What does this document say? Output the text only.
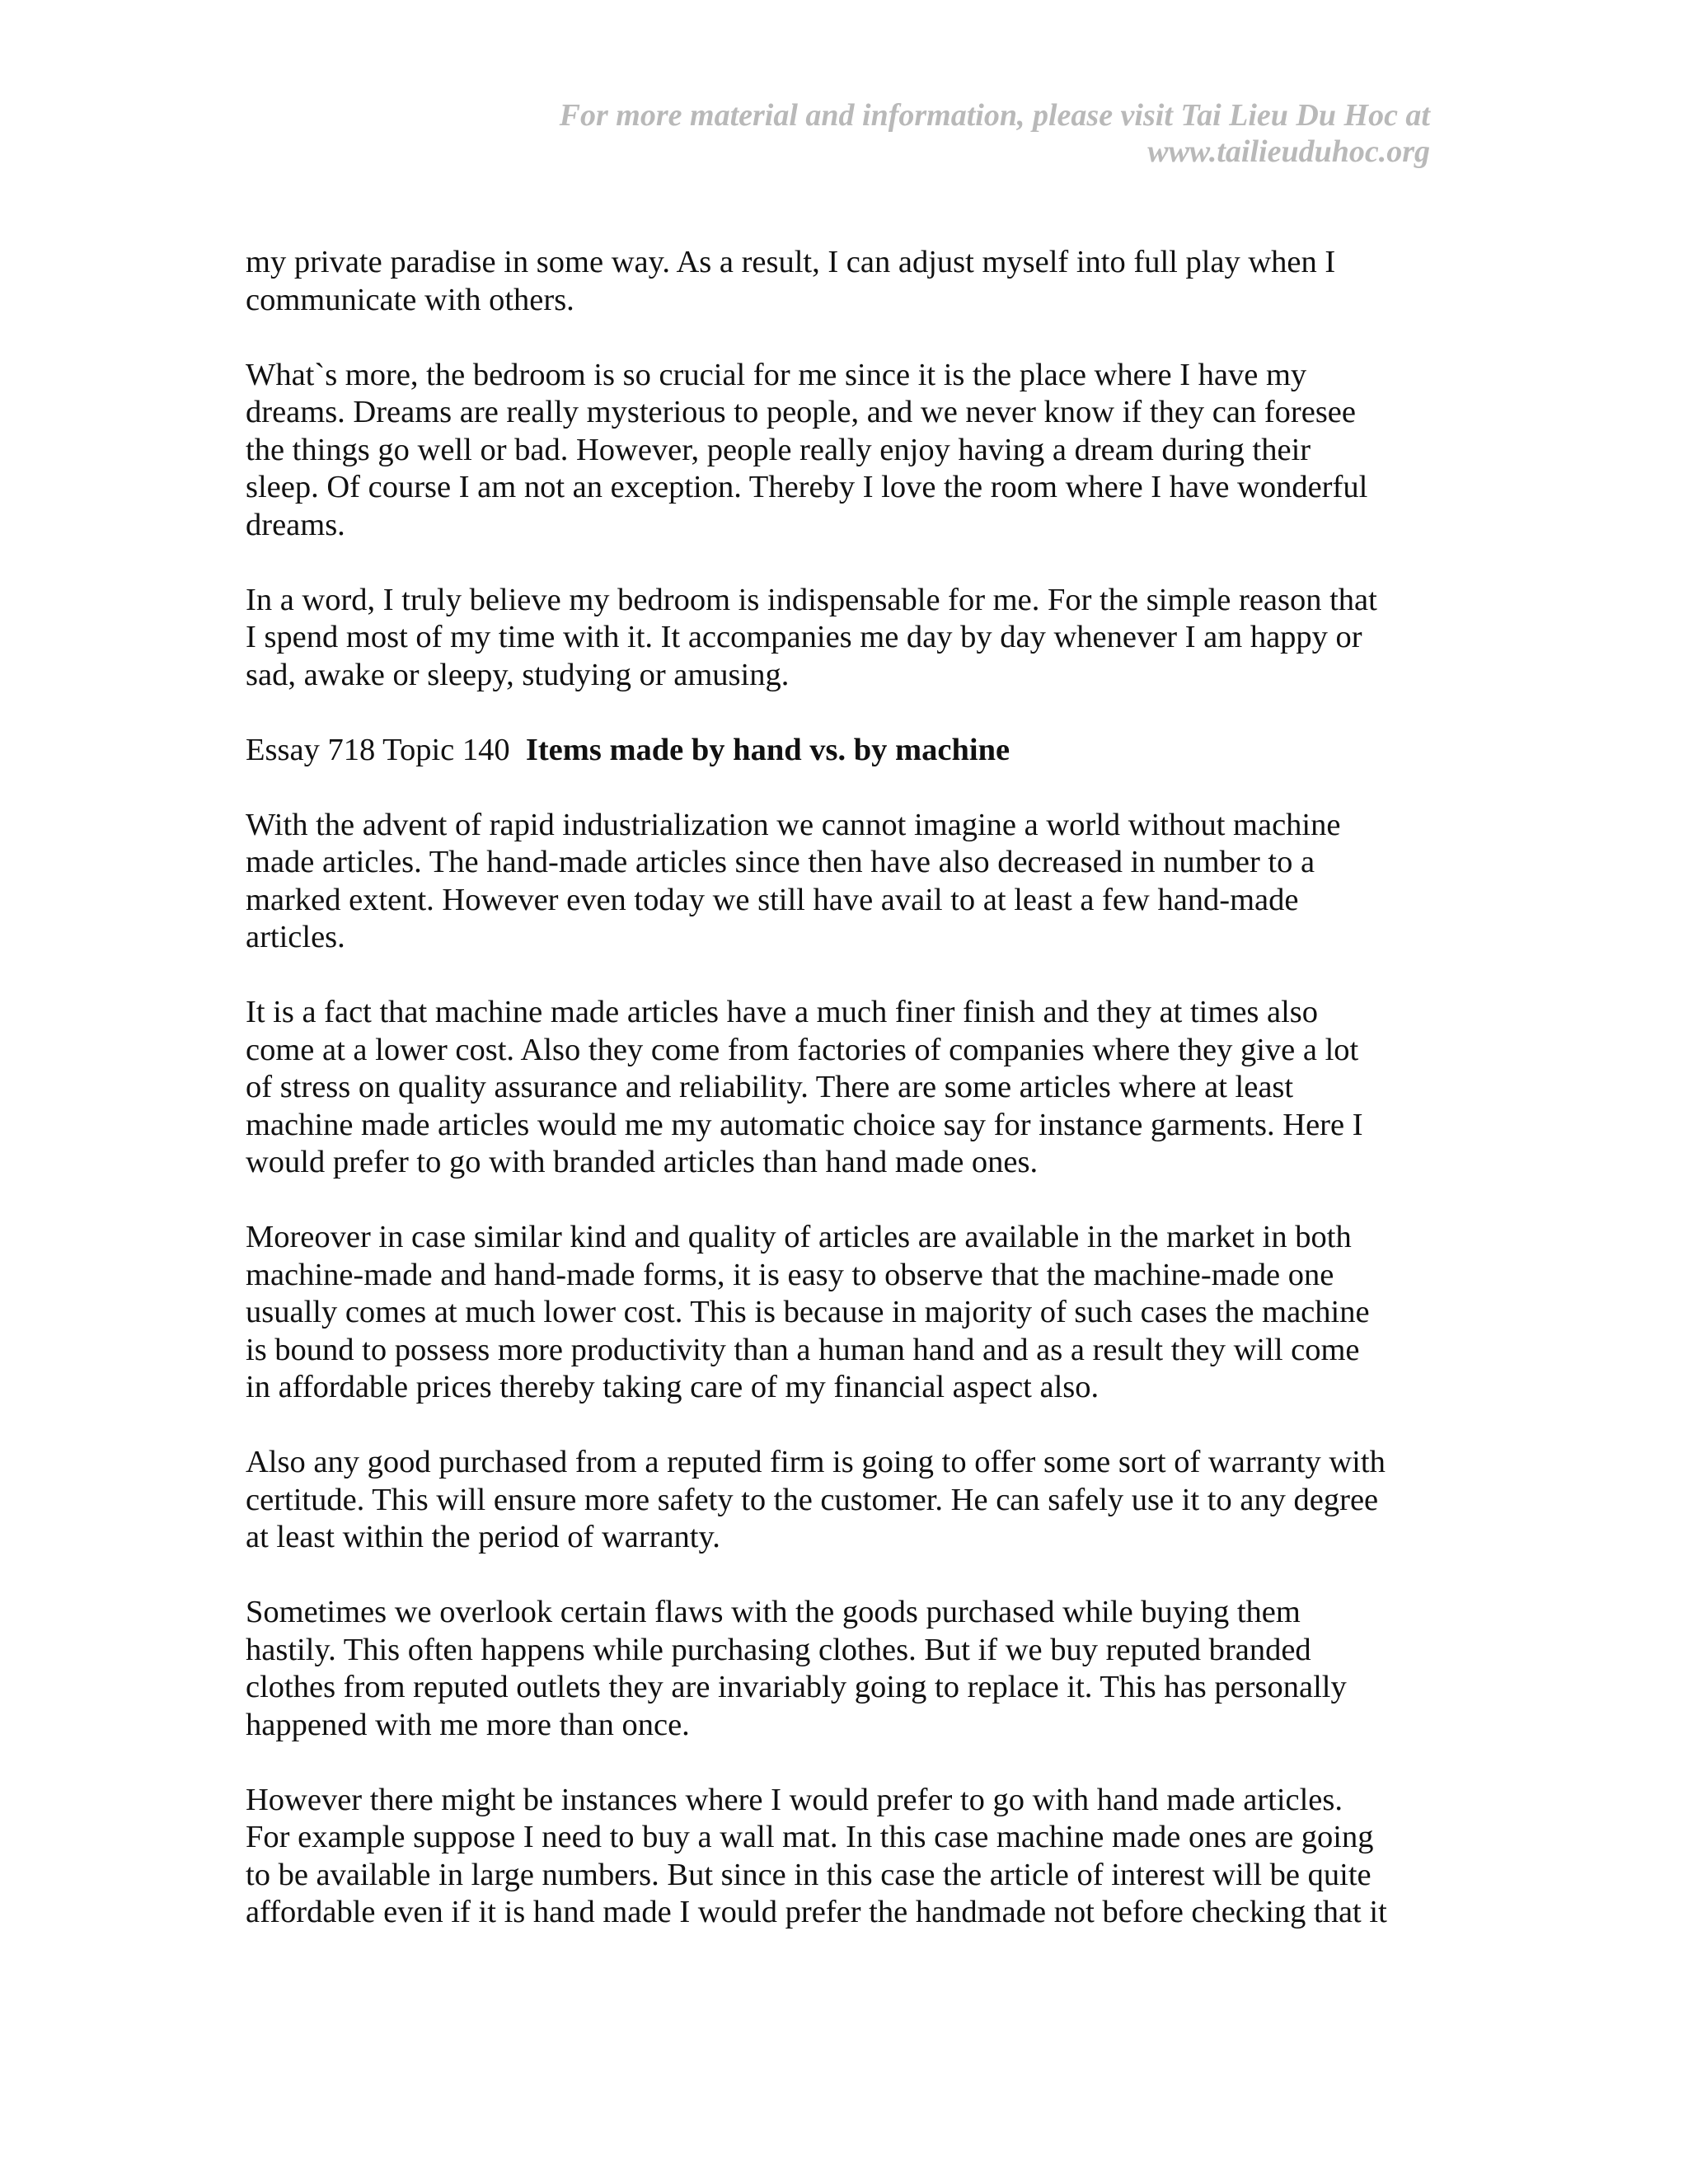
For more material and information, please visit Tai Lieu Du Hoc at
www.tailieuduhoc.org

my private paradise in some way. As a result, I can adjust myself into full play when I
communicate with others.

What`s more, the bedroom is so crucial for me since it is the place where I have my
dreams. Dreams are really mysterious to people, and we never know if they can foresee
the things go well or bad. However, people really enjoy having a dream during their
sleep. Of course I am not an exception. Thereby I love the room where I have wonderful
dreams.

In a word, I truly believe my bedroom is indispensable for me. For the simple reason that
I spend most of my time with it. It accompanies me day by day whenever I am happy or
sad, awake or sleepy, studying or amusing.

Essay 718 Topic 140 Items made by hand vs. by machine

With the advent of rapid industrialization we cannot imagine a world without machine
made articles. The hand-made articles since then have also decreased in number to a
marked extent. However even today we still have avail to at least a few hand-made
articles.

It is a fact that machine made articles have a much finer finish and they at times also
come at a lower cost. Also they come from factories of companies where they give a lot
of stress on quality assurance and reliability. There are some articles where at least
machine made articles would me my automatic choice say for instance garments. Here I
would prefer to go with branded articles than hand made ones.

Moreover in case similar kind and quality of articles are available in the market in both
machine-made and hand-made forms, it is easy to observe that the machine-made one
usually comes at much lower cost. This is because in majority of such cases the machine
is bound to possess more productivity than a human hand and as a result they will come
in affordable prices thereby taking care of my financial aspect also.

Also any good purchased from a reputed firm is going to offer some sort of warranty with
certitude. This will ensure more safety to the customer. He can safely use it to any degree
at least within the period of warranty.

Sometimes we overlook certain flaws with the goods purchased while buying them
hastily. This often happens while purchasing clothes. But if we buy reputed branded
clothes from reputed outlets they are invariably going to replace it. This has personally
happened with me more than once.

However there might be instances where I would prefer to go with hand made articles.
For example suppose I need to buy a wall mat. In this case machine made ones are going
to be available in large numbers. But since in this case the article of interest will be quite
affordable even if it is hand made I would prefer the handmade not before checking that it
